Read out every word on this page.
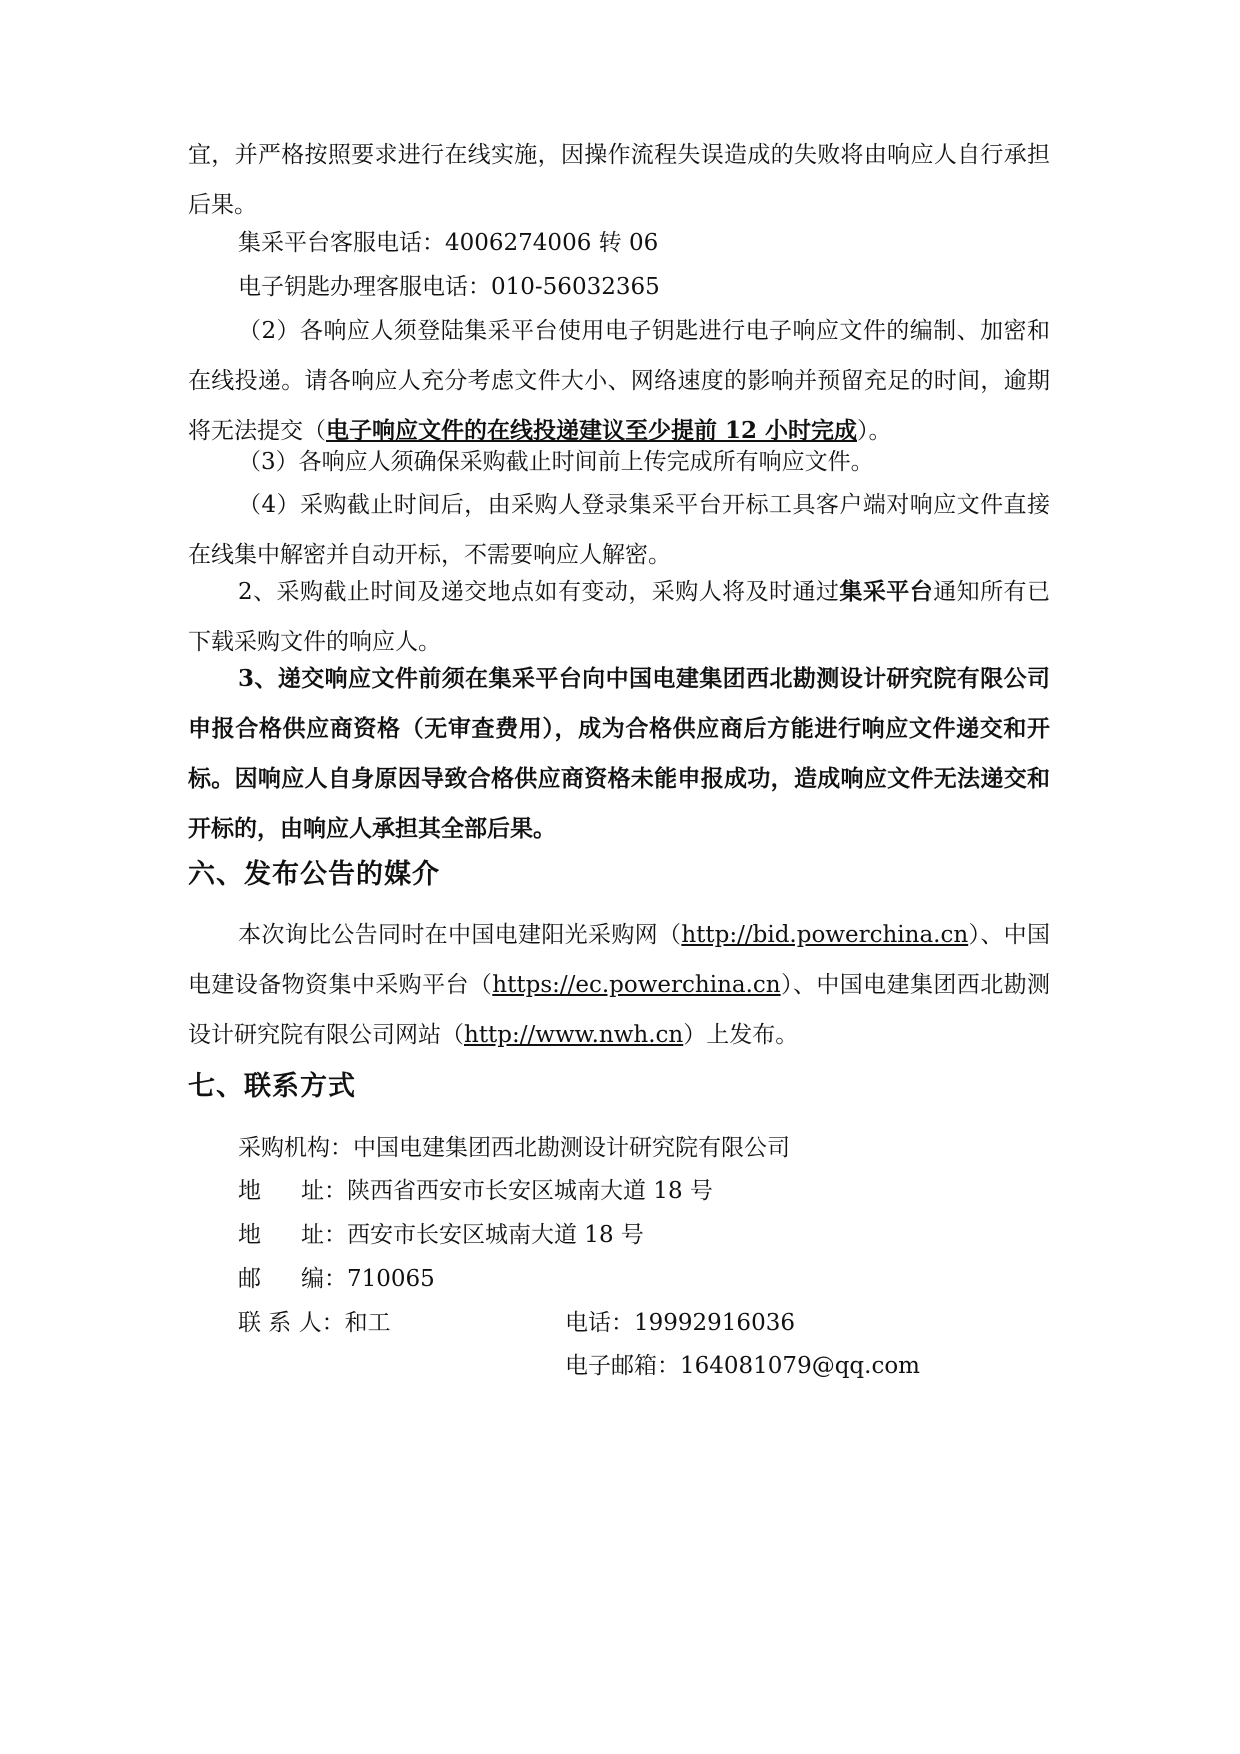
宜，并严格按照要求进行在线实施，因操作流程失误造成的失败将由响应人自行承担后果。
集采平台客服电话：4006274006 转 06
电子钥匙办理客服电话：010-56032365
（2）各响应人须登陆集采平台使用电子钥匙进行电子响应文件的编制、加密和在线投递。请各响应人充分考虑文件大小、网络速度的影响并预留充足的时间，逾期将无法提交（电子响应文件的在线投递建议至少提前 12 小时完成）。
（3）各响应人须确保采购截止时间前上传完成所有响应文件。
（4）采购截止时间后，由采购人登录集采平台开标工具客户端对响应文件直接在线集中解密并自动开标，不需要响应人解密。
2、采购截止时间及递交地点如有变动，采购人将及时通过集采平台通知所有已下载采购文件的响应人。
3、递交响应文件前须在集采平台向中国电建集团西北勘测设计研究院有限公司申报合格供应商资格（无审查费用），成为合格供应商后方能进行响应文件递交和开标。因响应人自身原因导致合格供应商资格未能申报成功，造成响应文件无法递交和开标的，由响应人承担其全部后果。
六、发布公告的媒介
本次询比公告同时在中国电建阳光采购网（http://bid.powerchina.cn）、中国电建设备物资集中采购平台（https://ec.powerchina.cn）、中国电建集团西北勘测设计研究院有限公司网站（http://www.nwh.cn）上发布。
七、联系方式
采购机构：中国电建集团西北勘测设计研究院有限公司
地 址：陕西省西安市长安区城南大道 18 号
地 址：西安市长安区城南大道 18 号
邮 编：710065
联 系 人：和工	电话：19992916036
电子邮箱：164081079@qq.com
